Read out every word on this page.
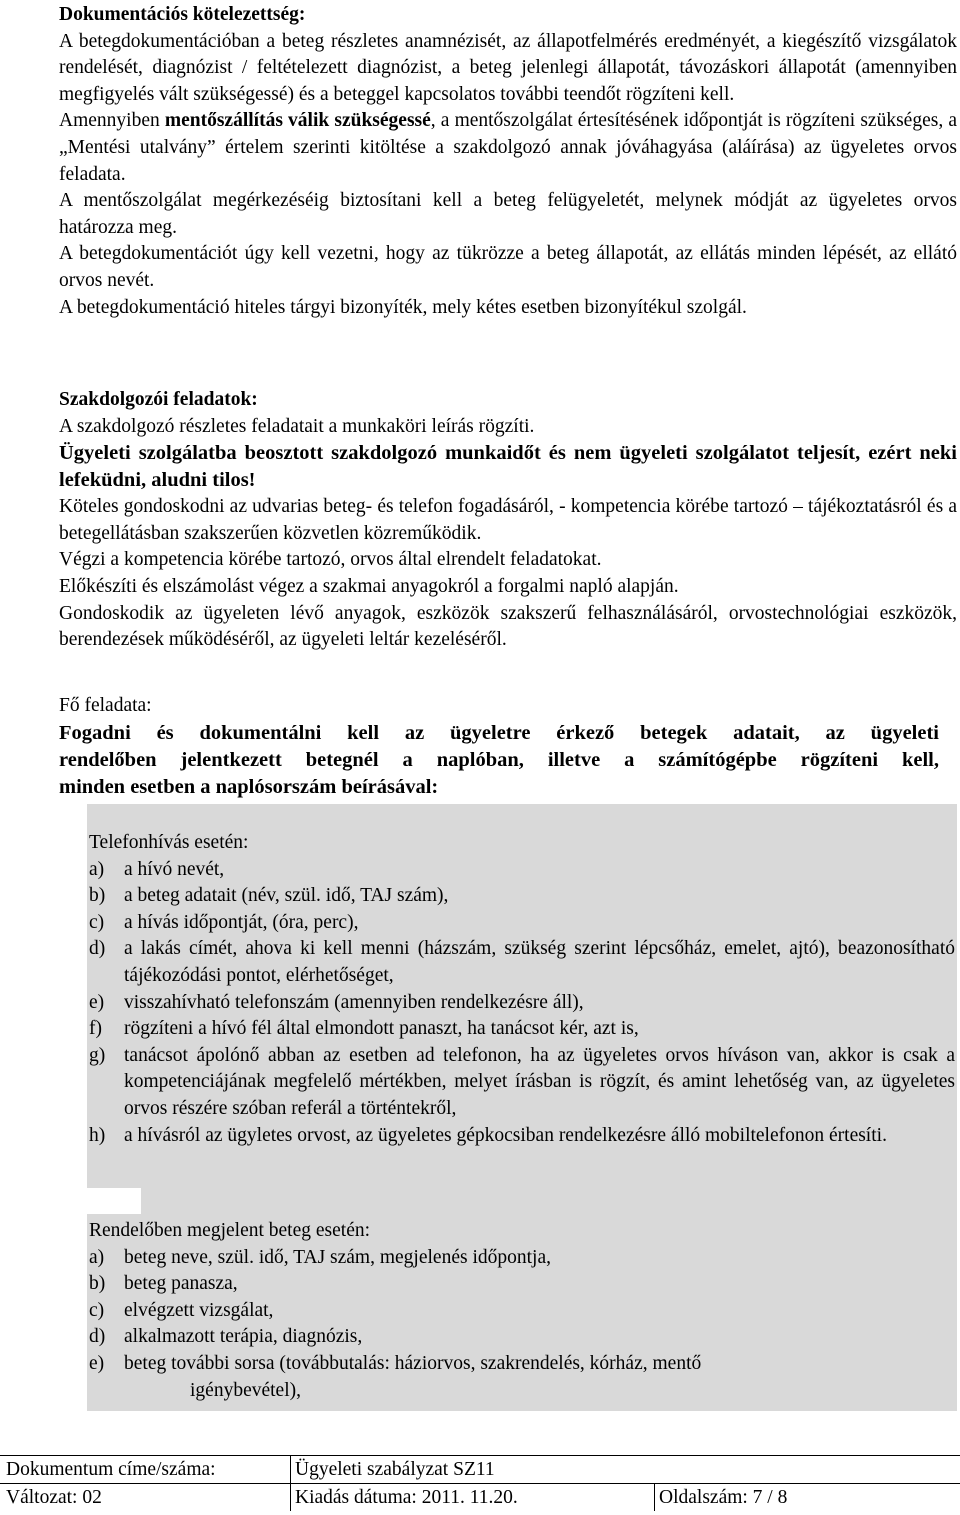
Dokumentációs kötelezettség:

A betegdokumentációban a beteg részletes anamnézisét, az állapotfelmérés eredményét, a kiegészítő vizsgálatok rendelését, diagnózist / feltételezett diagnózist, a beteg jelenlegi állapotát, távozáskori állapotát (amennyiben megfigyelés vált szükségessé) és a beteggel kapcsolatos további teendőt rögzíteni kell.

Amennyiben mentőszállítás válik szükségessé, a mentőszolgálat értesítésének időpontját is rögzíteni szükséges, a „Mentési utalvány” értelem szerinti kitöltése a szakdolgozó annak jóváhagyása (aláírása) az ügyeletes orvos feladata.

A mentőszolgálat megérkezéséig biztosítani kell a beteg felügyeletét, melynek módját az ügyeletes orvos határozza meg.

A betegdokumentációt úgy kell vezetni, hogy az tükrözze a beteg állapotát, az ellátás minden lépését, az ellátó orvos nevét.

A betegdokumentáció hiteles tárgyi bizonyíték, mely kétes esetben bizonyítékul szolgál.

Szakdolgozói feladatok:

A szakdolgozó részletes feladatait a munkaköri leírás rögzíti.

Ügyeleti szolgálatba beosztott szakdolgozó munkaidőt és nem ügyeleti szolgálatot teljesít, ezért neki lefeküdni, aludni tilos!

Köteles gondoskodni az udvarias beteg- és telefon fogadásáról, - kompetencia körébe tartozó – tájékoztatásról és a betegellátásban szakszerűen közvetlen közreműködik.

Végzi a kompetencia körébe tartozó, orvos által elrendelt feladatokat.

Előkészíti és elszámolást végez a szakmai anyagokról a forgalmi napló alapján.

Gondoskodik az ügyeleten lévő anyagok, eszközök szakszerű felhasználásáról, orvostechnológiai eszközök, berendezések működéséről, az ügyeleti leltár kezeléséről.

Fő feladata:

Fogadni és dokumentálni kell az ügyeletre érkező betegek adatait, az ügyeleti

rendelőben jelentkezett betegnél a naplóban, illetve a számítógépbe rögzíteni kell,

minden esetben a naplósorszám beírásával:

Telefonhívás esetén:

a)	a hívó nevét,
b) a beteg adatait (név, szül. idő, TAJ szám),
c)	a hívás időpontját, (óra, perc),
d) a lakás címét, ahova ki kell menni (házszám, szükség szerint lépcsőház, emelet, ajtó), beazonosítható tájékozódási pontot, elérhetőséget,
e)	visszahívható telefonszám (amennyiben rendelkezésre áll),
f)	rögzíteni a hívó fél által elmondott panaszt, ha tanácsot kér, azt is,
g) tanácsot ápolónő abban az esetben ad telefonon, ha az ügyeletes orvos híváson van, akkor is csak a kompetenciájának megfelelő mértékben, melyet írásban is rögzít, és amint lehetőség van, az ügyeletes orvos részére szóban referál a történtekről,
h) a hívásról az ügyletes orvost, az ügyeletes gépkocsiban rendelkezésre álló mobiltelefonon értesíti.

Rendelőben megjelent beteg esetén:

a)	beteg neve, szül. idő, TAJ szám, megjelenés időpontja,
b) beteg panasza,
c)	elvégzett vizsgálat,
d) alkalmazott terápia, diagnózis,
e)	beteg további sorsa (továbbutalás: háziorvos, szakrendelés, kórház, mentő
igénybevétel),
Dokumentum címe/száma:	Ügyeleti szabályzat SZ11	
Változat: 02	Kiadás dátuma: 2011. 11.20.	Oldalszám: 7 / 8
